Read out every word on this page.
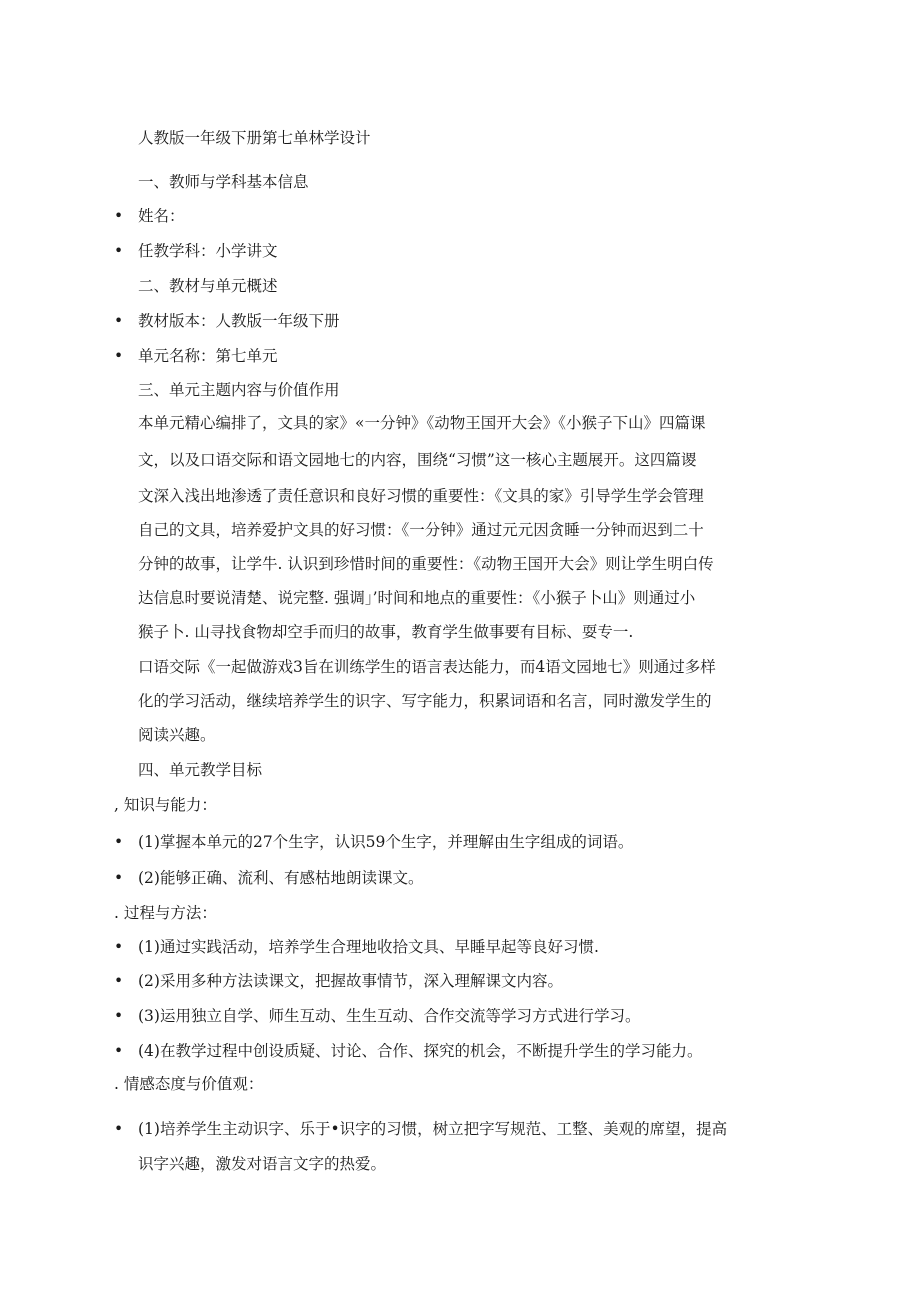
人教版一年级下册第七单林学设计
一、教师与学科基本信息
• 姓名：
• 任教学科：小学讲文
二、教材与单元概述
• 教材版本：人教版一年级下册
• 单元名称：第七单元
三、单元主题内容与价值作用
本单元精心编排了，文具的家》«一分钟》《动物王国开大会》《小猴子下山》四篇课
文，以及口语交际和语文园地七的内容，围绕“习惯”这一核心主题展开。这四篇谡
文深入浅出地渗透了责任意识和良好习惯的重要性：《文具的家》引导学生学会管理
自己的文具，培养爱护文具的好习惯：《一分钟》通过元元因贪睡一分钟而迟到二十
分钟的故事，让学牛. 认识到珍惜时间的重要性：《动物王国开大会》则让学生明白传
达信息时要说清楚、说完整. 强调」’时间和地点的重要性：《小猴子卜山》则通过小
猴子卜. 山寻找食物却空手而归的故事，教育学生做事要有目标、耍专一.
口语交际《一起做游戏3旨在训练学生的语言表达能力，而4语文园地七》则通过多样
化的学习活动，继续培养学生的识字、写字能力，积累词语和名言，同时激发学生的
阅读兴趣。
四、单元教学目标
, 知识与能力：
• (1)掌握本单元的27个生字，认识59个生字，并理解由生字组成的词语。
• (2)能够正确、流利、有感枯地朗读课文。
. 过程与方法：
• (1)通过实践活动，培养学生合理地收拾文具、早睡早起等良好习惯.
• (2)采用多种方法读课文，把握故事情节，深入理解课文内容。
• (3)运用独立自学、师生互动、生生互动、合作交流等学习方式进行学习。
• (4)在教学过程中创设质疑、讨论、合作、探究的机会，不断提升学生的学习能力。
. 情感态度与价值观：
• (1)培养学生主动识字、乐于•识字的习惯，树立把字写规范、工整、美观的席望，提高
识字兴趣，激发对语言文字的热爱。
